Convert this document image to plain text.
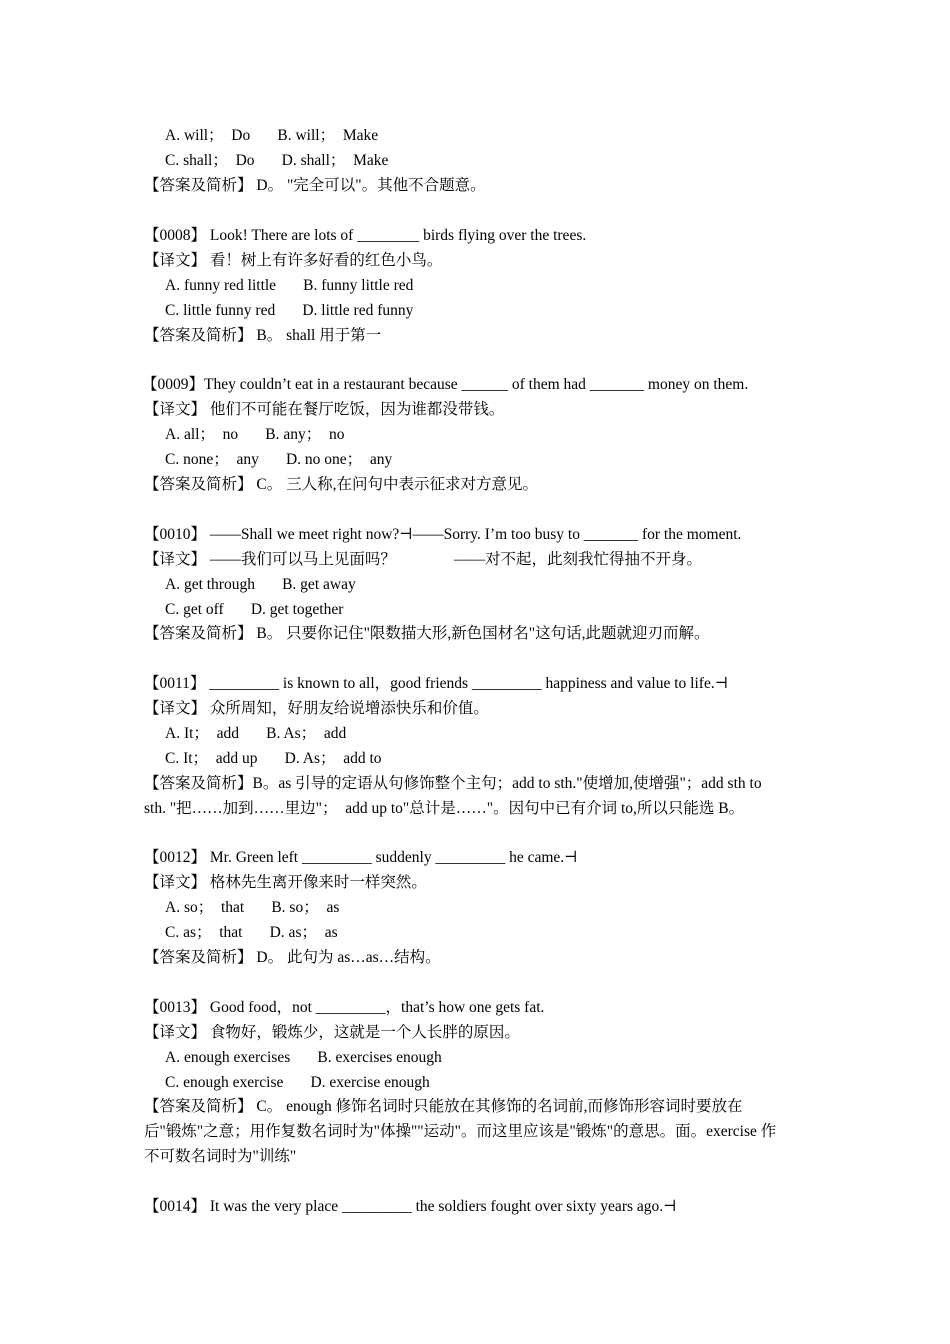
A. will；  Do       B. will；  Make
C. shall；  Do       D. shall；  Make
【答案及简析】 D。 "完全可以"。其他不合题意。
【0008】 Look! There are lots of ________ birds flying over the trees.
【译文】 看！树上有许多好看的红色小鸟。
A. funny red little       B. funny little red
C. little funny red       D. little red funny
【答案及简析】 B。 shall 用于第一
【0009】They couldn’t eat in a restaurant because ______ of them had _______ money on them.
【译文】 他们不可能在餐厅吃饭，因为谁都没带钱。
A. all；  no       B. any；  no
C. none；  any       D. no one；  any
【答案及简析】 C。 三人称,在问句中表示征求对方意见。
【0010】 ——Shall we meet right now?⊣——Sorry. I’m too busy to _______ for the moment.
【译文】 ——我们可以马上见面吗？               ——对不起，此刻我忙得抽不开身。
A. get through       B. get away
C. get off       D. get together
【答案及简析】 B。 只要你记住"限数描大形,新色国材名"这句话,此题就迎刃而解。
【0011】 _________ is known to all，good friends _________ happiness and value to life.⊣
【译文】 众所周知，好朋友给说增添快乐和价值。
A. It；  add       B. As；  add
C. It；  add up       D. As；  add to
【答案及简析】B。as 引导的定语从句修饰整个主句；add to sth."使增加,使增强"；add sth to
sth. "把……加到……里边"；  add up to"总计是……"。因句中已有介词 to,所以只能选 B。
【0012】 Mr. Green left _________ suddenly _________ he came.⊣
【译文】 格林先生离开像来时一样突然。
A. so；  that       B. so；  as
C. as；  that       D. as；  as
【答案及简析】 D。 此句为 as…as…结构。
【0013】 Good food，not _________，that’s how one gets fat.
【译文】 食物好，锻炼少，这就是一个人长胖的原因。
A. enough exercises       B. exercises enough
C. enough exercise       D. exercise enough
【答案及简析】 C。 enough 修饰名词时只能放在其修饰的名词前,而修饰形容词时要放在
后"锻炼"之意；用作复数名词时为"体操""运动"。而这里应该是"锻炼"的意思。面。exercise 作
不可数名词时为"训练"
【0014】 It was the very place _________ the soldiers fought over sixty years ago.⊣
